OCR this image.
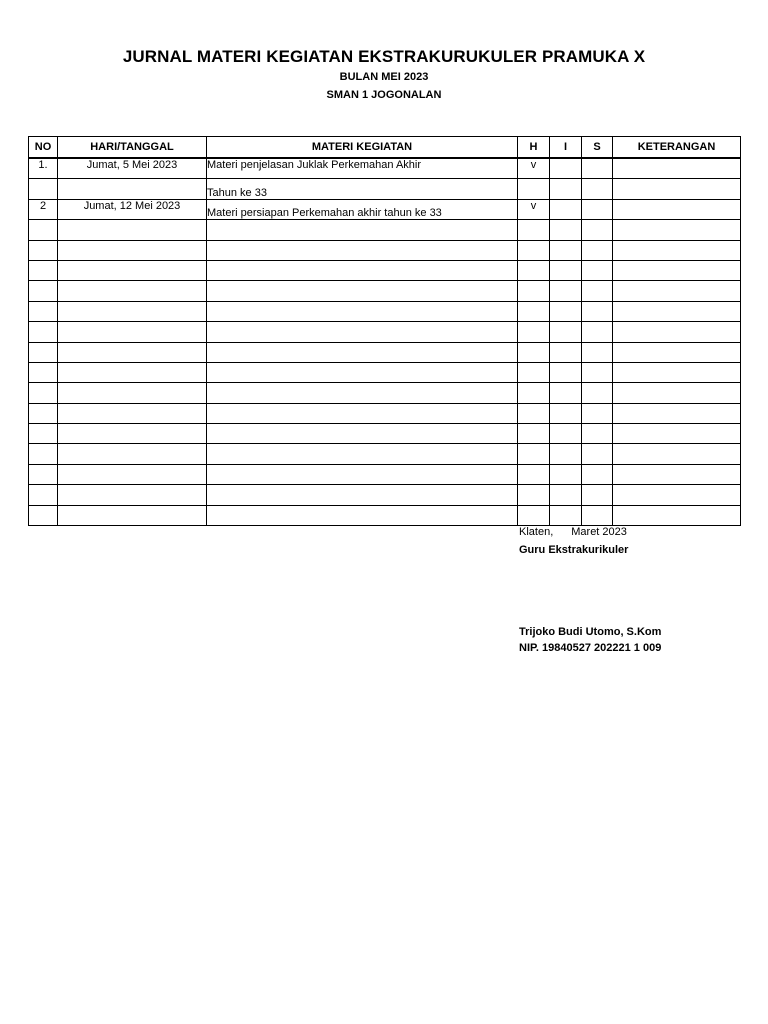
JURNAL MATERI KEGIATAN EKSTRAKURUKULER PRAMUKA X
BULAN MEI 2023
SMAN 1 JOGONALAN
NO	HARI/TANGGAL	MATERI KEGIATAN	H	I	S	KETERANGAN
1.	Jumat, 5 Mei 2023	Materi penjelasan Juklak Perkemahan Akhir	v			
		Tahun ke 33				
2	Jumat, 12 Mei 2023	Materi persiapan Perkemahan akhir tahun ke 33	v			

Klaten, Maret 2023
Guru Ekstrakurikuler
Trijoko Budi Utomo, S.Kom
NIP. 19840527 202221 1 009
